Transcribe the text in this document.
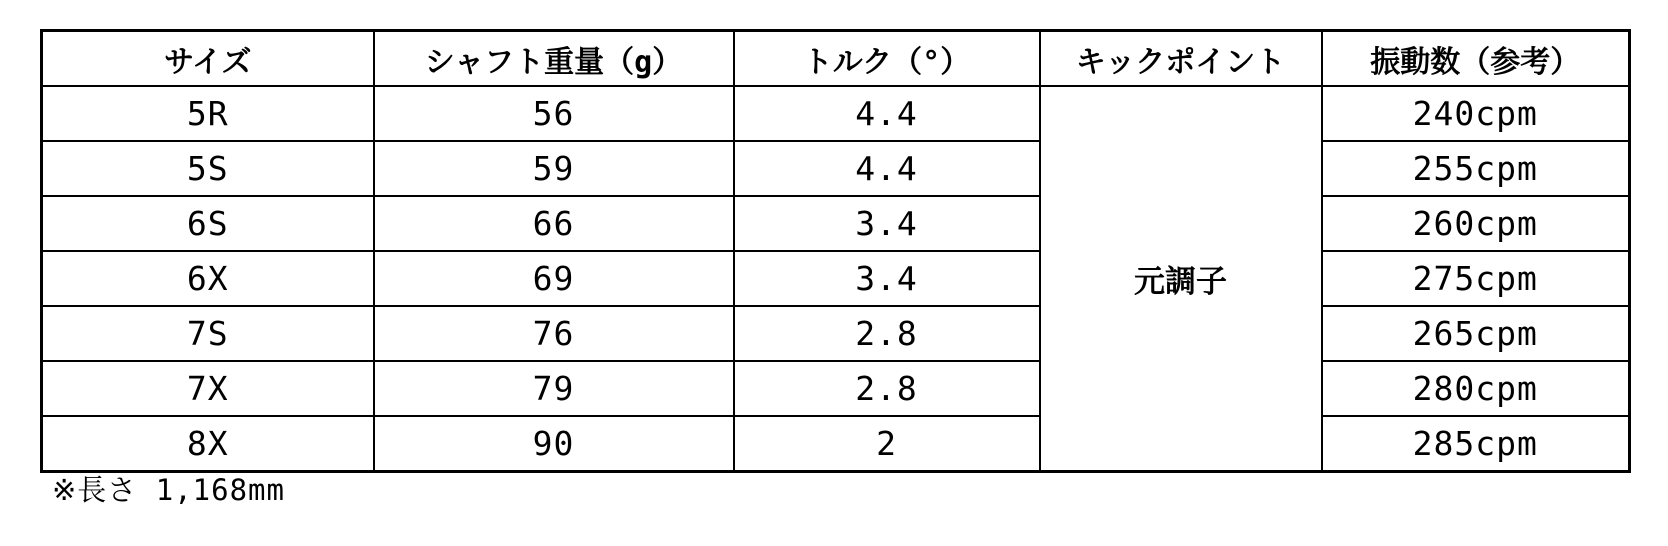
サイズ	シャフト重量（g）	トルク（°）	キックポイント	振動数（参考）
5R	56	4.4	元調子	240cpm
5S	59	4.4		255cpm
6S	66	3.4		260cpm
6X	69	3.4		275cpm
7S	76	2.8		265cpm
7X	79	2.8		280cpm
8X	90	2		285cpm
※長さ 1,168mm
